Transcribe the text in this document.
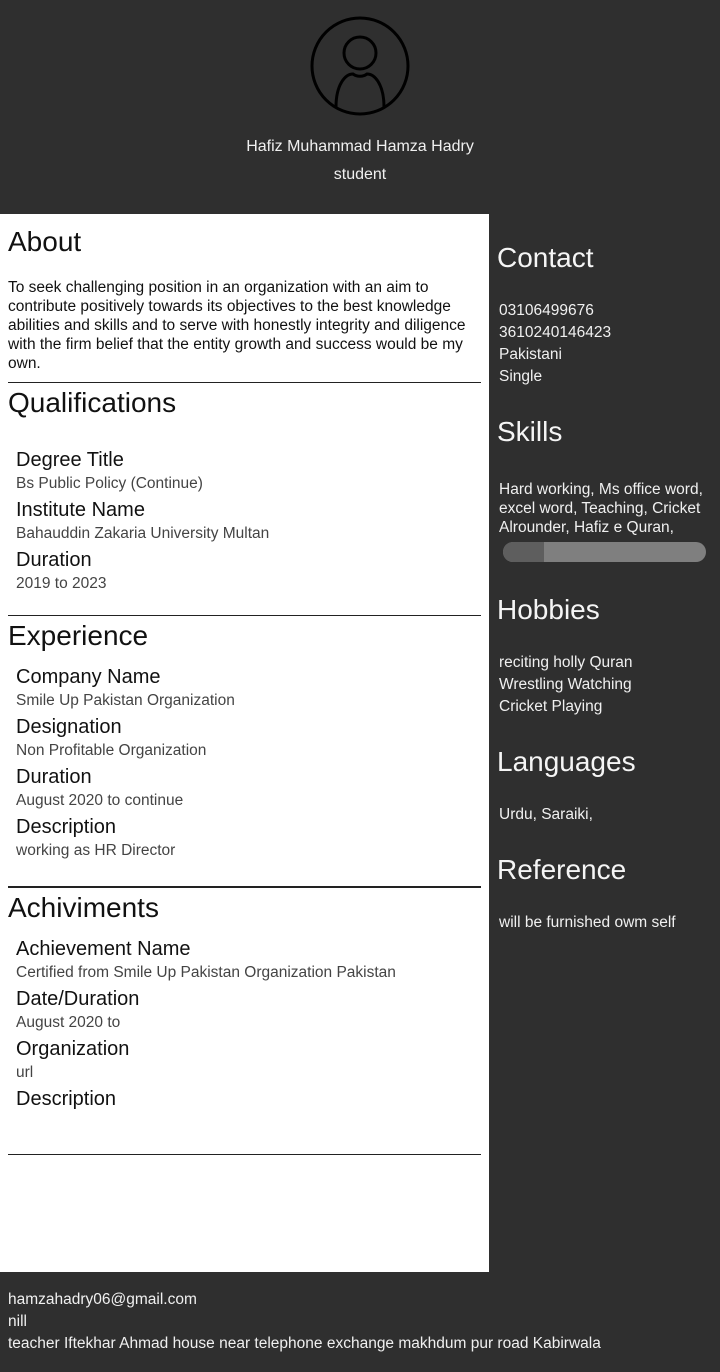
Hafiz Muhammad Hamza Hadry
student
About
To seek challenging position in an organization with an aim to contribute positively towards its objectives to the best knowledge abilities and skills and to serve with honestly integrity and diligence with the firm belief that the entity growth and success would be my own.
Qualifications
Degree Title
Bs Public Policy (Continue)
Institute Name
Bahauddin Zakaria University Multan
Duration
2019 to 2023
Experience
Company Name
Smile Up Pakistan Organization
Designation
Non Profitable Organization
Duration
August 2020 to continue
Description
working as HR Director
Achiviments
Achievement Name
Certified from Smile Up Pakistan Organization Pakistan
Date/Duration
August 2020 to
Organization
url
Description
Contact
03106499676
3610240146423
Pakistani
Single
Skills
Hard working, Ms office word, excel word, Teaching, Cricket Alrounder, Hafiz e Quran,
Hobbies
reciting holly Quran
Wrestling Watching
Cricket Playing
Languages
Urdu, Saraiki,
Reference
will be furnished owm self
hamzahadry06@gmail.com
nill
teacher Iftekhar Ahmad house near telephone exchange makhdum pur road Kabirwala
